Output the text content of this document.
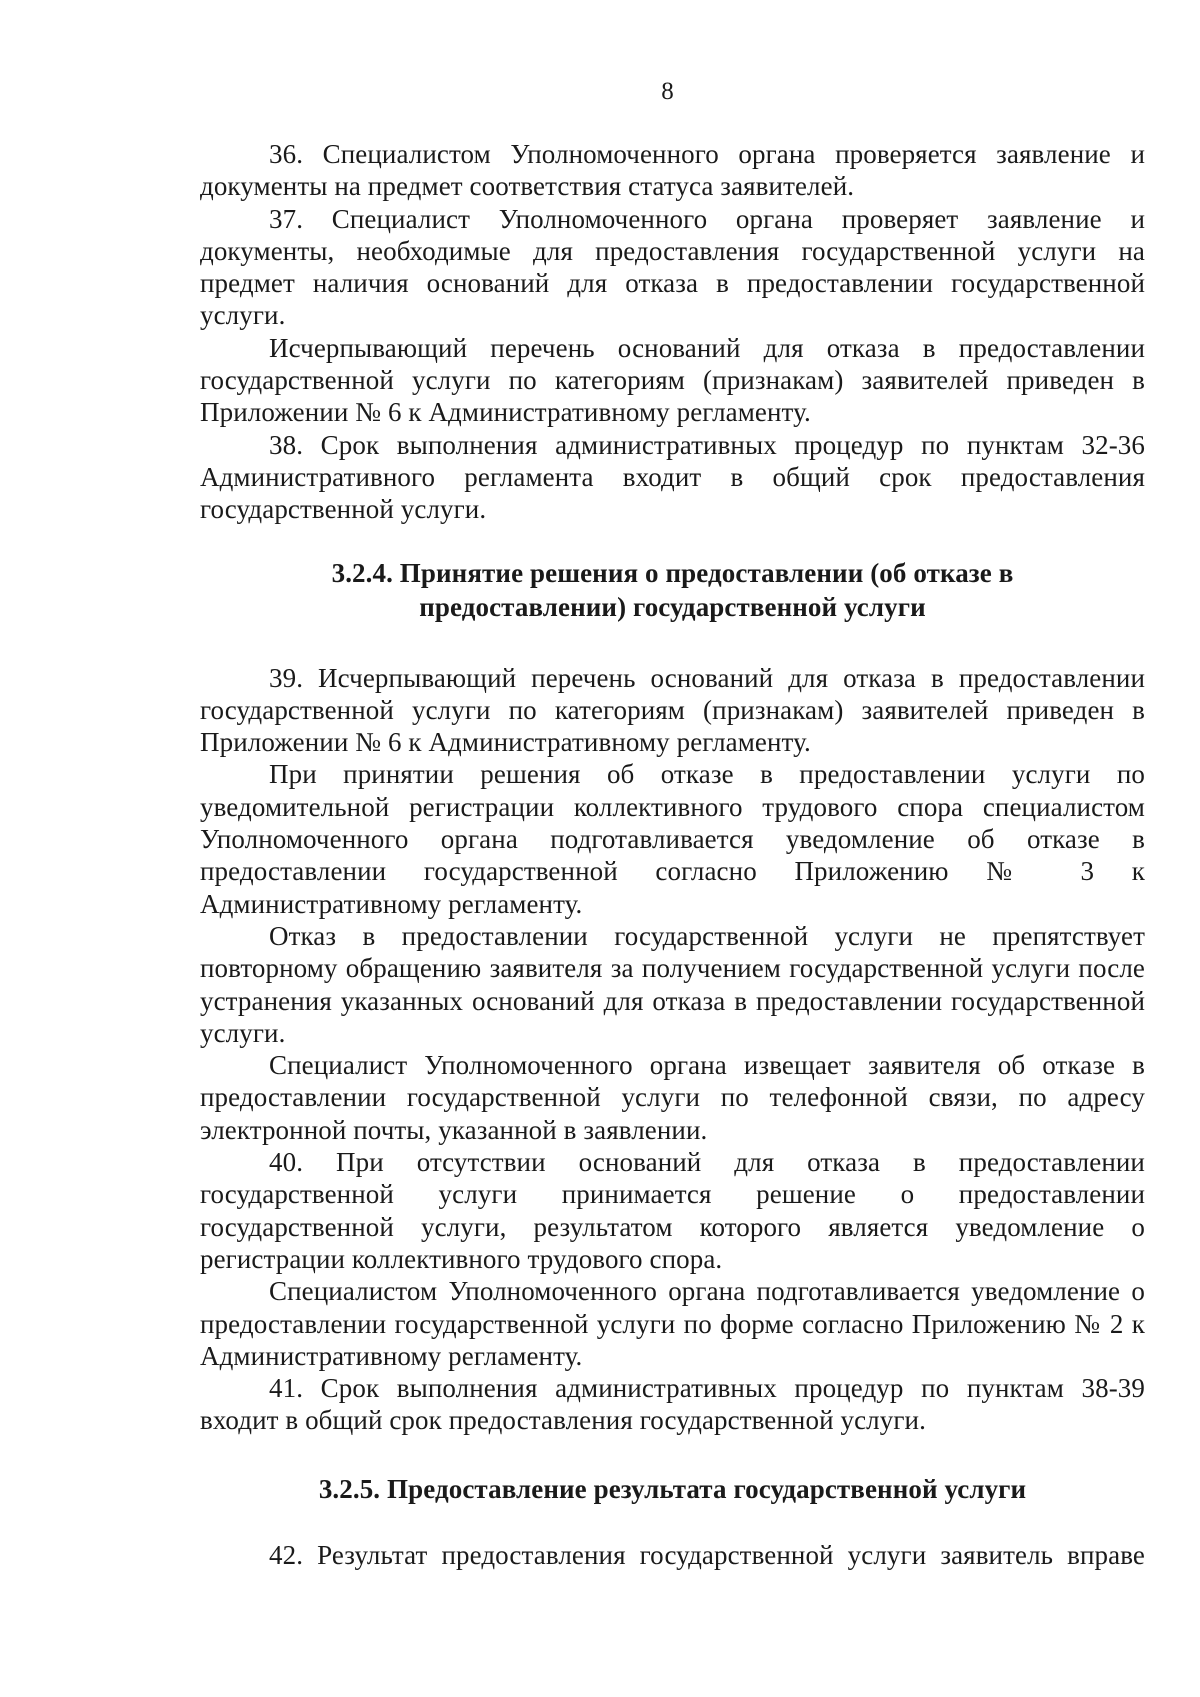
8

36. Специалистом Уполномоченного органа проверяется заявление и документы на предмет соответствия статуса заявителей.

37. Специалист Уполномоченного органа проверяет заявление и документы, необходимые для предоставления государственной услуги на предмет наличия оснований для отказа в предоставлении государственной услуги.

Исчерпывающий перечень оснований для отказа в предоставлении государственной услуги по категориям (признакам) заявителей приведен в Приложении № 6 к Административному регламенту.

38. Срок выполнения административных процедур по пунктам 32-36 Административного регламента входит в общий срок предоставления государственной услуги.

3.2.4. Принятие решения о предоставлении (об отказе в
предоставлении) государственной услуги

39. Исчерпывающий перечень оснований для отказа в предоставлении государственной услуги по категориям (признакам) заявителей приведен в Приложении № 6 к Административному регламенту.

При принятии решения об отказе в предоставлении услуги по уведомительной регистрации коллективного трудового спора специалистом Уполномоченного органа подготавливается уведомление об отказе в предоставлении государственной согласно Приложению № 3 к Административному регламенту.

Отказ в предоставлении государственной услуги не препятствует повторному обращению заявителя за получением государственной услуги после устранения указанных оснований для отказа в предоставлении государственной услуги.

Специалист Уполномоченного органа извещает заявителя об отказе в предоставлении государственной услуги по телефонной связи, по адресу электронной почты, указанной в заявлении.

40. При отсутствии оснований для отказа в предоставлении государственной услуги принимается решение о предоставлении государственной услуги, результатом которого является уведомление о регистрации коллективного трудового спора.

Специалистом Уполномоченного органа подготавливается уведомление о предоставлении государственной услуги по форме согласно Приложению № 2 к Административному регламенту.

41. Срок выполнения административных процедур по пунктам 38-39 входит в общий срок предоставления государственной услуги.

3.2.5. Предоставление результата государственной услуги

42. Результат предоставления государственной услуги заявитель вправе
